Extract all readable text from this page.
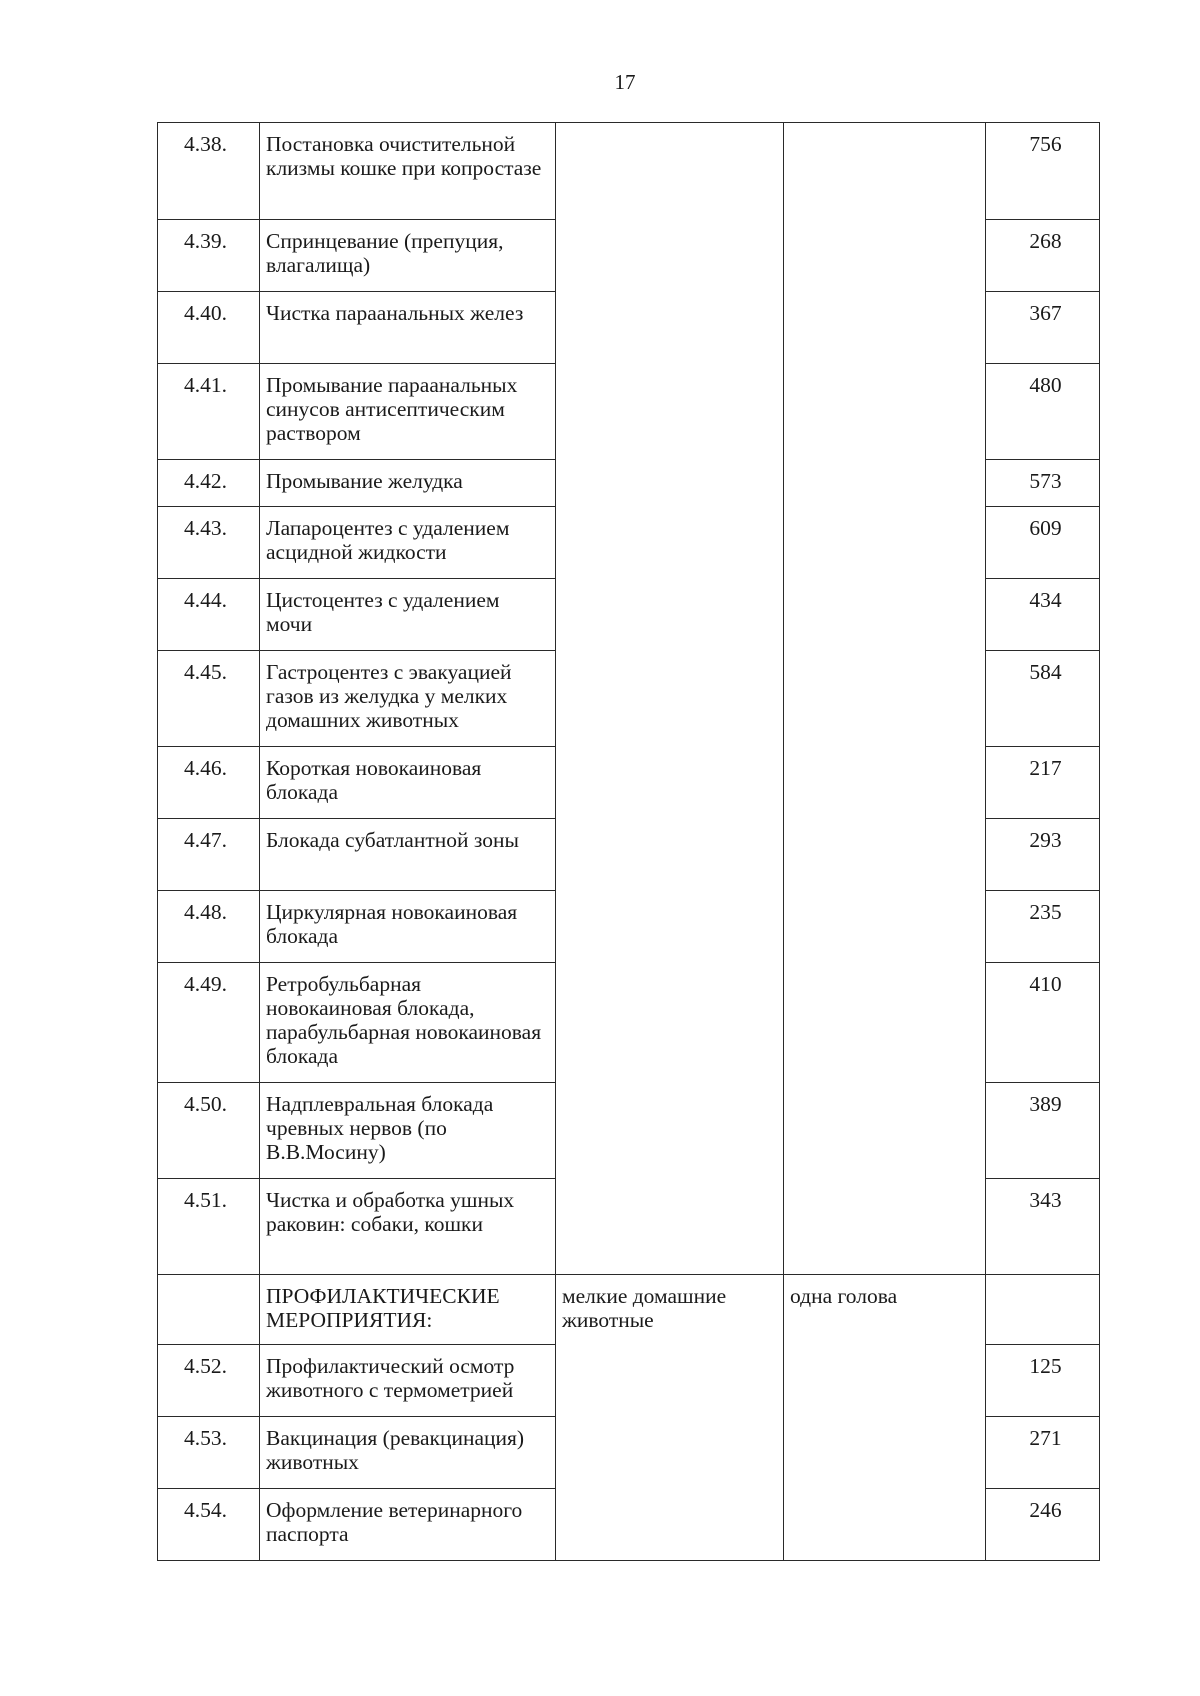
17
4.38.	Постановка очистительной клизмы кошке при копростазе			756
4.39.	Спринцевание (препуция, влагалища)			268
4.40.	Чистка параанальных желез			367
4.41.	Промывание параанальных синусов антисептическим раствором			480
4.42.	Промывание желудка			573
4.43.	Лапароцентез с удалением асцидной жидкости			609
4.44.	Цистоцентез с удалением мочи			434
4.45.	Гастроцентез с эвакуацией газов из желудка у мелких домашних животных			584
4.46.	Короткая новокаиновая блокада			217
4.47.	Блокада субатлантной зоны			293
4.48.	Циркулярная новокаиновая блокада			235
4.49.	Ретробульбарная новокаиновая блокада, парабульбарная новокаиновая блокада			410
4.50.	Надплевральная блокада чревных нервов (по В.В.Мосину)			389
4.51.	Чистка и обработка ушных раковин: собаки, кошки			343
	ПРОФИЛАКТИЧЕСКИЕ МЕРОПРИЯТИЯ:	мелкие домашние животные	одна голова	
4.52.	Профилактический осмотр животного с термометрией			125
4.53.	Вакцинация (ревакцинация) животных			271
4.54.	Оформление ветеринарного паспорта			246
